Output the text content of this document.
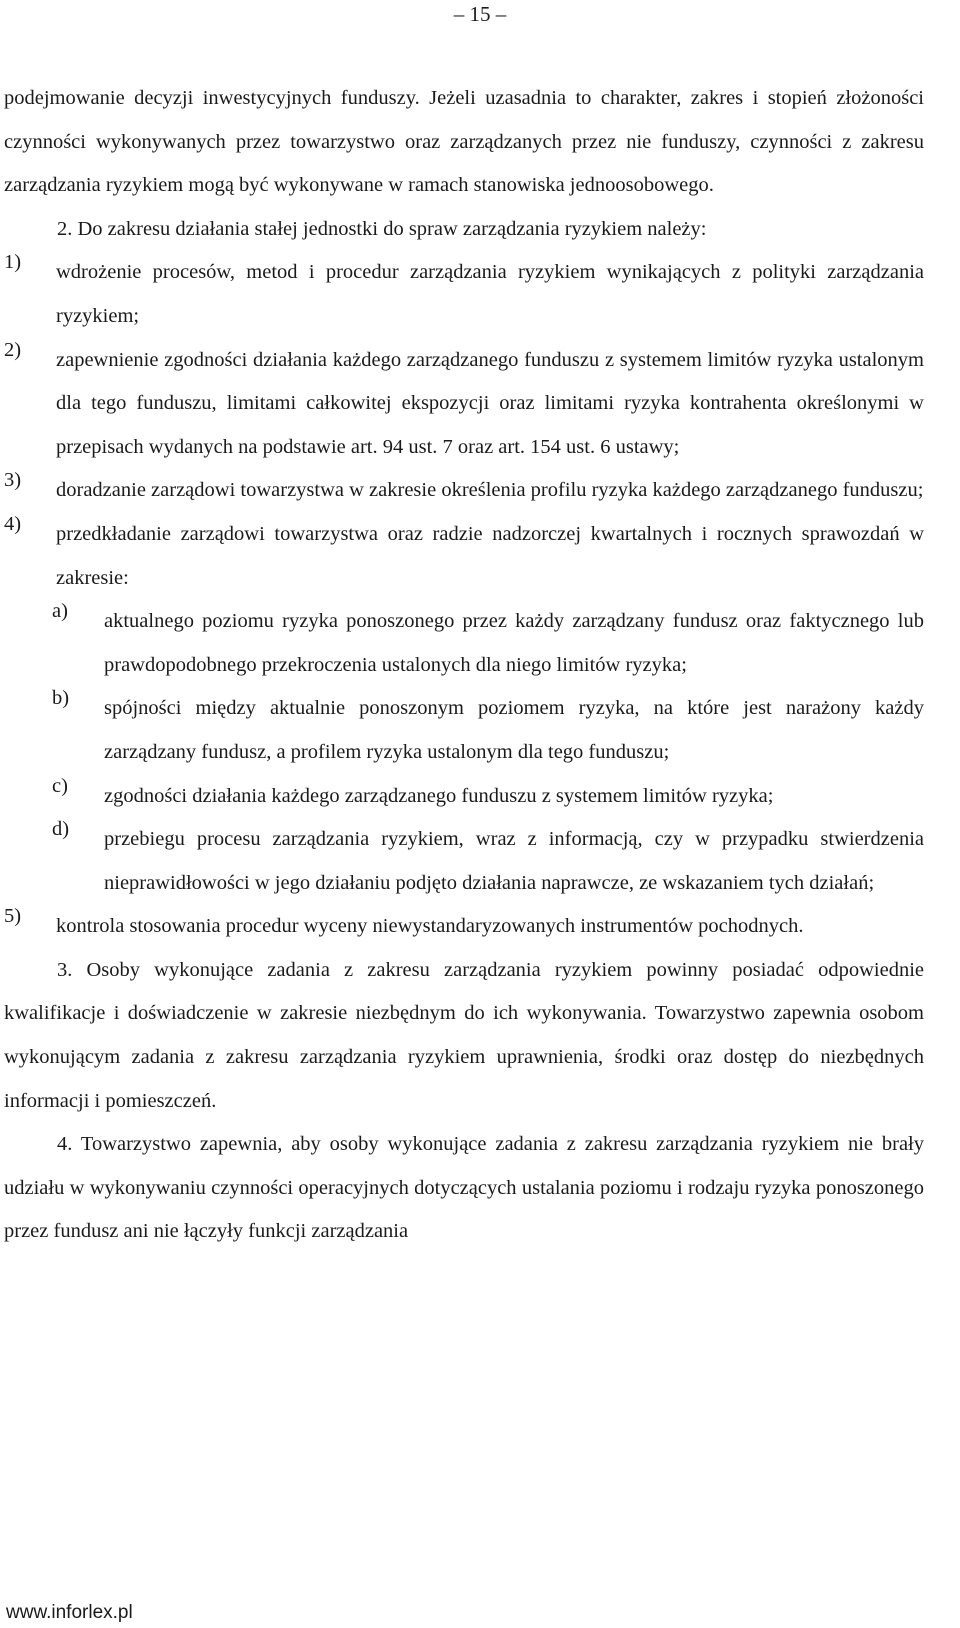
– 15 –

podejmowanie decyzji inwestycyjnych funduszy. Jeżeli uzasadnia to charakter, zakres i stopień złożoności czynności wykonywanych przez towarzystwo oraz zarządzanych przez nie funduszy, czynności z zakresu zarządzania ryzykiem mogą być wykonywane w ramach stanowiska jednoosobowego.

2. Do zakresu działania stałej jednostki do spraw zarządzania ryzykiem należy:

1) wdrożenie procesów, metod i procedur zarządzania ryzykiem wynikających z polityki zarządzania ryzykiem;

2) zapewnienie zgodności działania każdego zarządzanego funduszu z systemem limitów ryzyka ustalonym dla tego funduszu, limitami całkowitej ekspozycji oraz limitami ryzyka kontrahenta określonymi w przepisach wydanych na podstawie art. 94 ust. 7 oraz art. 154 ust. 6 ustawy;

3) doradzanie zarządowi towarzystwa w zakresie określenia profilu ryzyka każdego zarządzanego funduszu;

4) przedkładanie zarządowi towarzystwa oraz radzie nadzorczej kwartalnych i rocznych sprawozdań w zakresie:

a) aktualnego poziomu ryzyka ponoszonego przez każdy zarządzany fundusz oraz faktycznego lub prawdopodobnego przekroczenia ustalonych dla niego limitów ryzyka;

b) spójności między aktualnie ponoszonym poziomem ryzyka, na które jest narażony każdy zarządzany fundusz, a profilem ryzyka ustalonym dla tego funduszu;

c) zgodności działania każdego zarządzanego funduszu z systemem limitów ryzyka;

d) przebiegu procesu zarządzania ryzykiem, wraz z informacją, czy w przypadku stwierdzenia nieprawidłowości w jego działaniu podjęto działania naprawcze, ze wskazaniem tych działań;

5) kontrola stosowania procedur wyceny niewystandaryzowanych instrumentów pochodnych.

3. Osoby wykonujące zadania z zakresu zarządzania ryzykiem powinny posiadać odpowiednie kwalifikacje i doświadczenie w zakresie niezbędnym do ich wykonywania. Towarzystwo zapewnia osobom wykonującym zadania z zakresu zarządzania ryzykiem uprawnienia, środki oraz dostęp do niezbędnych informacji i pomieszczeń.

4. Towarzystwo zapewnia, aby osoby wykonujące zadania z zakresu zarządzania ryzykiem nie brały udziału w wykonywaniu czynności operacyjnych dotyczących ustalania poziomu i rodzaju ryzyka ponoszonego przez fundusz ani nie łączyły funkcji zarządzania

www.inforlex.pl
